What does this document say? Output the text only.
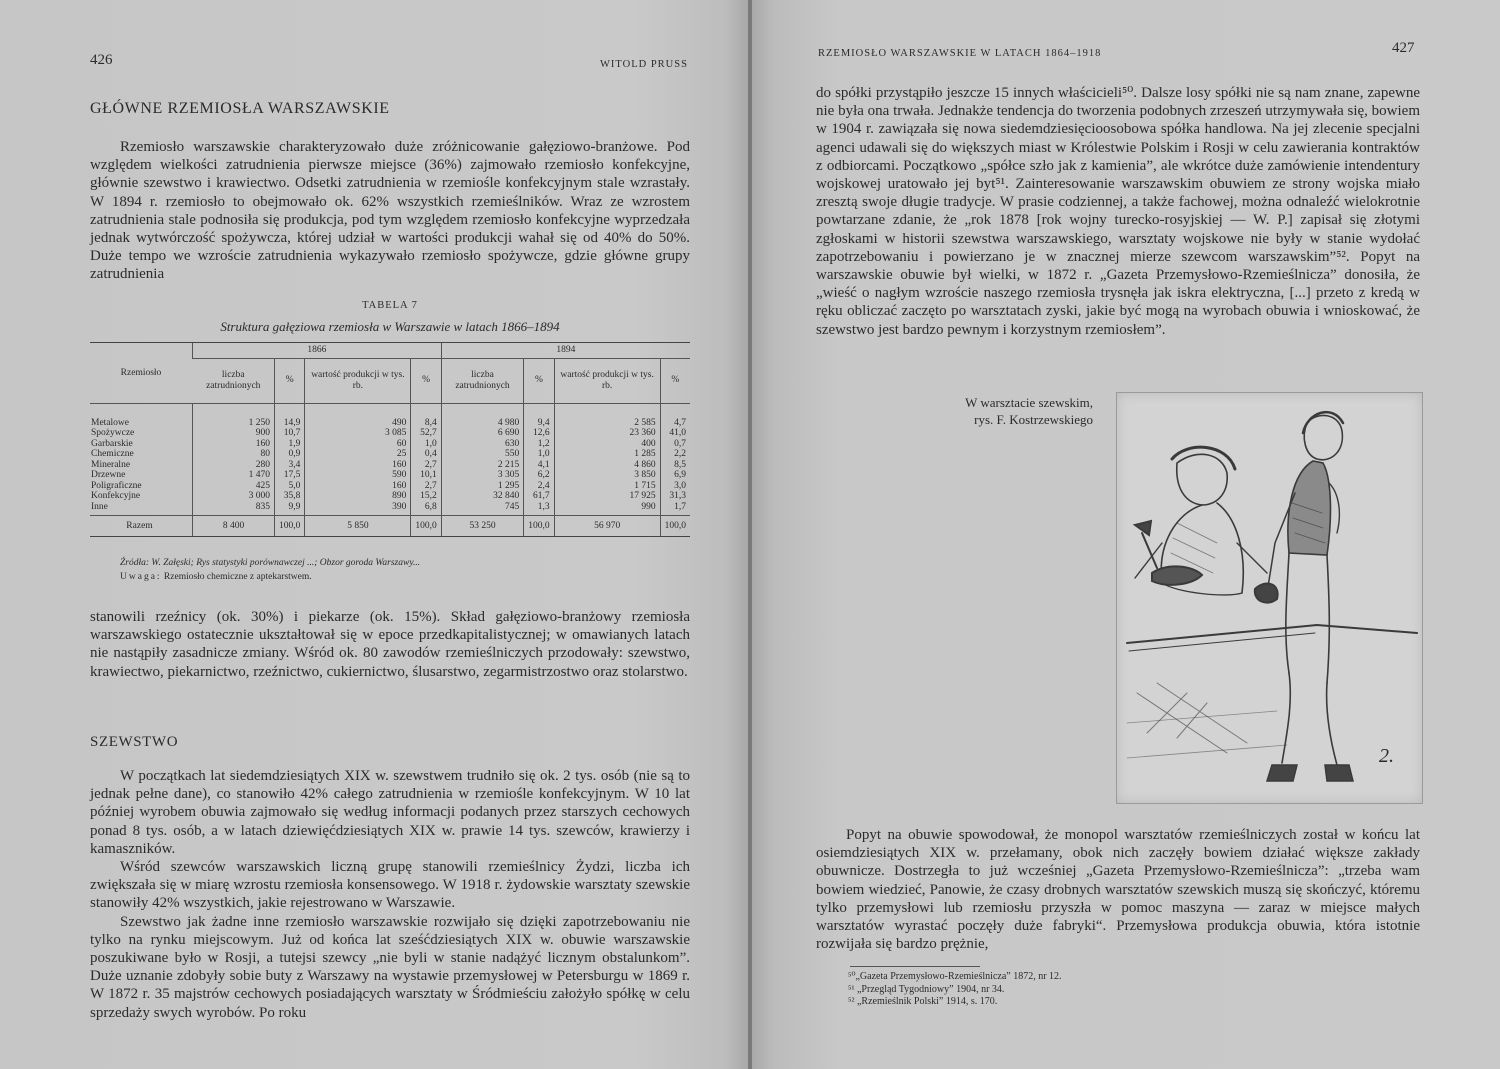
426	WITOLD PRUSS
GŁÓWNE RZEMIOSŁA WARSZAWSKIE

Rzemiosło warszawskie charakteryzowało duże zróżnicowanie gałęziowo-branżowe. Pod względem wielkości zatrudnienia pierwsze miejsce (36%) zajmowało rzemiosło konfekcyjne, głównie szewstwo i krawiectwo. Odsetki zatrudnienia w rzemiośle konfekcyjnym stale wzrastały. W 1894 r. rzemiosło to obejmowało ok. 62% wszystkich rzemieślników. Wraz ze wzrostem zatrudnienia stale podnosiła się produkcja, pod tym względem rzemiosło konfekcyjne wyprzedzała jednak wytwórczość spożywcza, której udział w wartości produkcji wahał się od 40% do 50%. Duże tempo we wzroście zatrudnienia wykazywało rzemiosło spożywcze, gdzie główne grupy zatrudnienia

TABELA 7
Struktura gałęziowa rzemiosła w Warszawie w latach 1866–1894
Rzemiosło	1866				1894			
	liczba zatrudnionych	%	wartość produkcji w tys. rb.	%	liczba zatrudnionych	%	wartość produkcji w tys. rb.	%
Metalowe	1 250	14,9	490	8,4	4 980	9,4	2 585	4,7
Spożywcze	900	10,7	3 085	52,7	6 690	12,6	23 360	41,0
Garbarskie	160	1,9	60	1,0	630	1,2	400	0,7
Chemiczne	80	0,9	25	0,4	550	1,0	1 285	2,2
Mineralne	280	3,4	160	2,7	2 215	4,1	4 860	8,5
Drzewne	1 470	17,5	590	10,1	3 305	6,2	3 850	6,9
Poligraficzne	425	5,0	160	2,7	1 295	2,4	1 715	3,0
Konfekcyjne	3 000	35,8	890	15,2	32 840	61,7	17 925	31,3
Inne	835	9,9	390	6,8	745	1,3	990	1,7
Razem	8 400	100,0	5 850	100,0	53 250	100,0	56 970	100,0
Źródła: W. Załęski; Rys statystyki porównawczej ...; Obzor goroda Warszawy...
Uwaga: Rzemiosło chemiczne z aptekarstwem.

stanowili rzeźnicy (ok. 30%) i piekarze (ok. 15%). Skład gałęziowo-branżowy rzemiosła warszawskiego ostatecznie ukształtował się w epoce przedkapitalistycznej; w omawianych latach nie nastąpiły zasadnicze zmiany. Wśród ok. 80 zawodów rzemieślniczych przodowały: szewstwo, krawiectwo, piekarnictwo, rzeźnictwo, cukiernictwo, ślusarstwo, zegarmistrzostwo oraz stolarstwo.

SZEWSTWO

W początkach lat siedemdziesiątych XIX w. szewstwem trudniło się ok. 2 tys. osób (nie są to jednak pełne dane), co stanowiło 42% całego zatrudnienia w rzemiośle konfekcyjnym. W 10 lat później wyrobem obuwia zajmowało się według informacji podanych przez starszych cechowych ponad 8 tys. osób, a w latach dziewięćdziesiątych XIX w. prawie 14 tys. szewców, krawierzy i kamaszników.

Wśród szewców warszawskich liczną grupę stanowili rzemieślnicy Żydzi, liczba ich zwiększała się w miarę wzrostu rzemiosła konsensowego. W 1918 r. żydowskie warsztaty szewskie stanowiły 42% wszystkich, jakie rejestrowano w Warszawie.

Szewstwo jak żadne inne rzemiosło warszawskie rozwijało się dzięki zapotrzebowaniu nie tylko na rynku miejscowym. Już od końca lat sześćdziesiątych XIX w. obuwie warszawskie poszukiwane było w Rosji, a tutejsi szewcy „nie byli w stanie nadążyć licznym obstalunkom”. Duże uznanie zdobyły sobie buty z Warszawy na wystawie przemysłowej w Petersburgu w 1869 r. W 1872 r. 35 majstrów cechowych posiadających warsztaty w Śródmieściu założyło spółkę w celu sprzedaży swych wyrobów. Po roku

RZEMIOSŁO WARSZAWSKIE W LATACH 1864–1918	427

do spółki przystąpiło jeszcze 15 innych właścicieli⁵⁰. Dalsze losy spółki nie są nam znane, zapewne nie była ona trwała. Jednakże tendencja do tworzenia podobnych zrzeszeń utrzymywała się, bowiem w 1904 r. zawiązała się nowa siedemdziesięcioosobowa spółka handlowa. Na jej zlecenie specjalni agenci udawali się do większych miast w Królestwie Polskim i Rosji w celu zawierania kontraktów z odbiorcami. Początkowo „spółce szło jak z kamienia”, ale wkrótce duże zamówienie intendentury wojskowej uratowało jej byt⁵¹. Zainteresowanie warszawskim obuwiem ze strony wojska miało zresztą swoje długie tradycje. W prasie codziennej, a także fachowej, można odnaleźć wielokrotnie powtarzane zdanie, że „rok 1878 [rok wojny turecko-rosyjskiej — W. P.] zapisał się złotymi zgłoskami w historii szewstwa warszawskiego, warsztaty wojskowe nie były w stanie wydołać zapotrzebowaniu i powierzano je w znacznej mierze szewcom warszawskim”⁵². Popyt na warszawskie obuwie był wielki, w 1872 r. „Gazeta Przemysłowo-Rzemieślnicza” donosiła, że „wieść o nagłym wzroście naszego rzemiosła trysnęła jak iskra elektryczna, [...] przeto z kredą w ręku obliczać zaczęto po warsztatach zyski, jakie być mogą na wyrobach obuwia i wnioskować, że szewstwo jest bardzo pewnym i korzystnym rzemiosłem”.

W warsztacie szewskim,
rys. F. Kostrzewskiego
2.

Popyt na obuwie spowodował, że monopol warsztatów rzemieślniczych został w końcu lat osiemdziesiątych XIX w. przełamany, obok nich zaczęły bowiem działać większe zakłady obuwnicze. Dostrzegła to już wcześniej „Gazeta Przemysłowo-Rzemieślnicza”: „trzeba wam bowiem wiedzieć, Panowie, że czasy drobnych warsztatów szewskich muszą się skończyć, któremu tylko przemysłowi lub rzemiosłu przyszła w pomoc maszyna — zaraz w miejsce małych warsztatów wyrastać poczęły duże fabryki“. Przemysłowa produkcja obuwia, która istotnie rozwijała się bardzo prężnie,

⁵⁰„Gazeta Przemysłowo-Rzemieślnicza” 1872, nr 12.
⁵¹ „Przegląd Tygodniowy” 1904, nr 34.
⁵² „Rzemieślnik Polski” 1914, s. 170.
